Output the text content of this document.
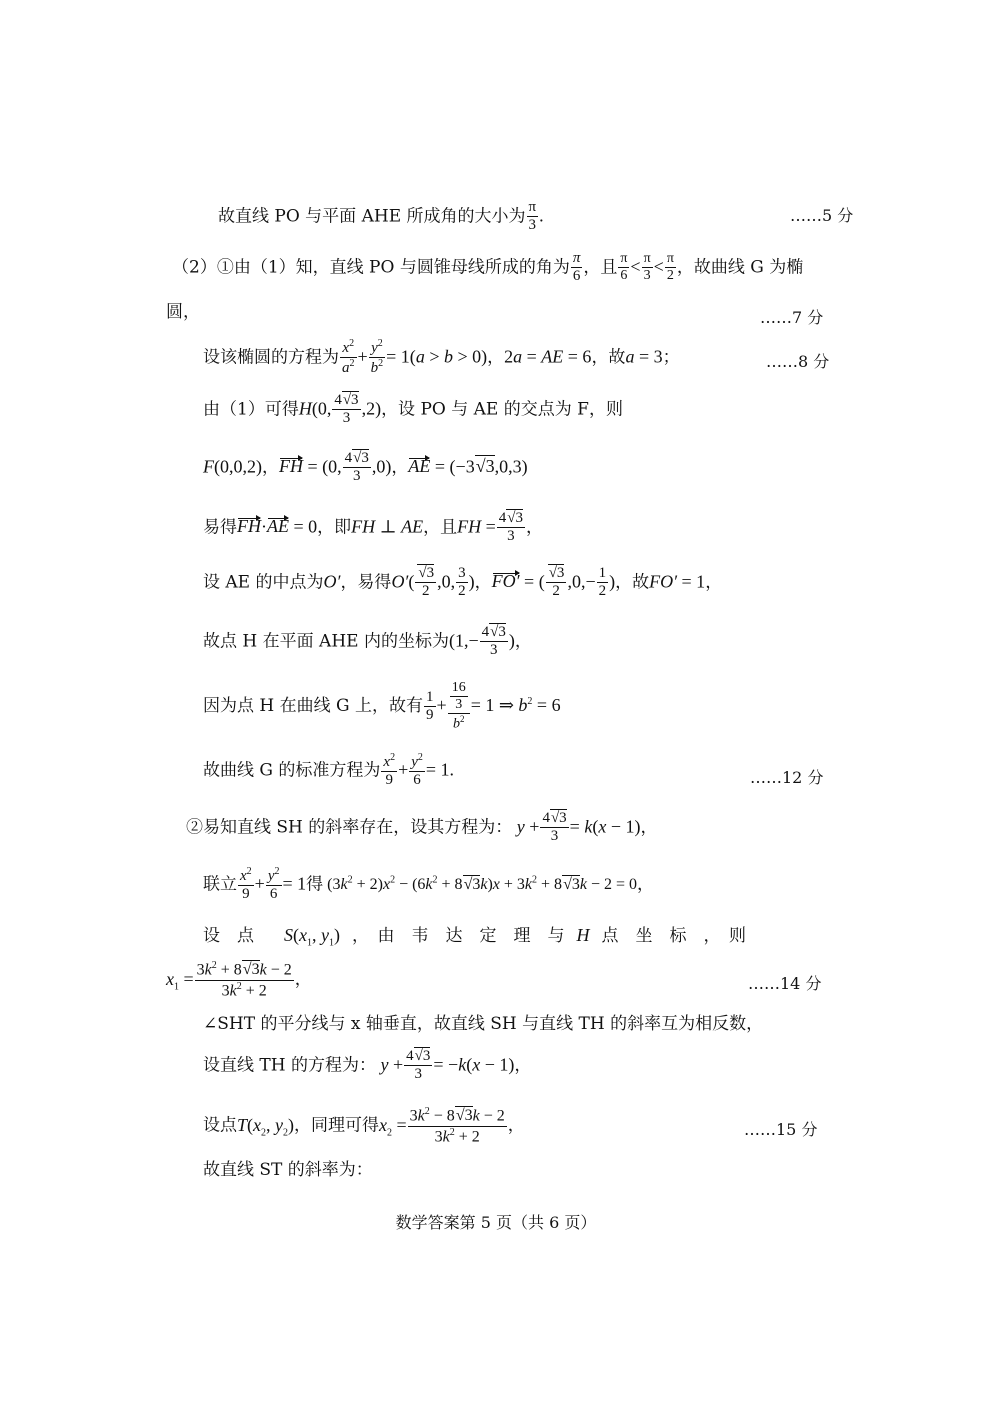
故直线 PO 与平面 AHE 所成角的大小为 $\frac{\pi}{3}$ .	……5 分
（2）①由（1）知，直线 PO 与圆锥母线所成的角为 $\frac{\pi}{6}$ ，且 $\frac{\pi}{6} < \frac{\pi}{3} < \frac{\pi}{2}$ ，故曲线 G 为椭
圆，	……7 分
设该椭圆的方程为 $\frac{x^2}{a^2} + \frac{y^2}{b^2} = 1(a > b > 0)$，2a = AE = 6，故a = 3；	……8 分
由（1）可得H(0, $\frac{4√3}{3} ,2$)，设 PO 与 AE 的交点为 F，则
F(0,0,2)，FH = (0, $\frac{4√3}{3} ,0$)，AE = (−3√3,0,3)
易得FH·AE = 0，即FH ⊥ AE，且FH = $\frac{4√3}{3}$ ，
设 AE 的中点为O′，易得$O'( \frac{√3}{2} ,0$, $\frac{3}{2}$ )，FO′ = ( $\frac{√3}{2} ,0,- \frac{1}{2}$ )，故FO′ = 1，
故点 H 在平面 AHE 内的坐标为($1,- \frac{4√3}{3}$ )，
因为点 H 在曲线 G 上，故有 $\frac{1}{9} + \frac{\frac{16}{3}}{b^2} = 1$ ⇒ $b^2 = 6$
故曲线 G 的标准方程为 $\frac{x^2}{9} + \frac{y^2}{6} = 1$.	……12 分
②易知直线 SH 的斜率存在，设其方程为： $y + \frac{4√3}{3} = k(x - 1)$，
联立 $\frac{x^2}{9} + \frac{y^2}{6} = 1$得 $(3k^2 + 2)x^2 - (6k^2 + 8√3k)x + 3k^2 + 8√3k - 2 = 0$，
设　点 $S(x_1$, $y_1$) ，　由　韦　达　定　理　与 H 点　坐　标　，　则
$x_1 = \frac{3k^2 + 8√3k - 2}{3k^2 + 2}$ ，	……14 分
∠SHT 的平分线与 x 轴垂直，故直线 SH 与直线 TH 的斜率互为相反数，
设直线 TH 的方程为： $y + \frac{4√3}{3} = -k(x - 1)$，
设点$T(x_2$, $y_2$)，同理可得$x_2 = \frac{3k^2 - 8√3k - 2}{3k^2 + 2}$ ，	……15 分
故直线 ST 的斜率为：
数学答案第 5 页（共 6 页）
